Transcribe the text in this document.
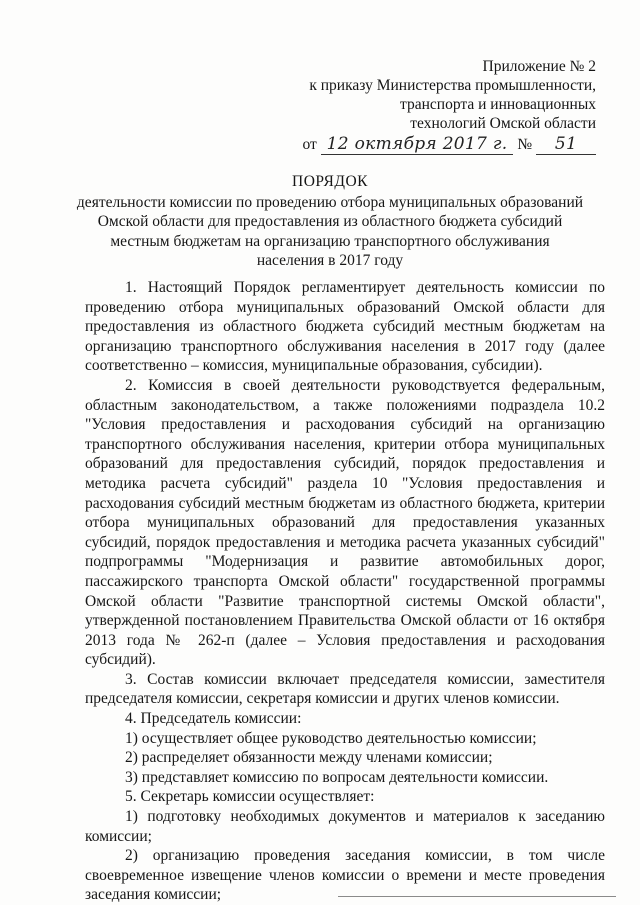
Приложение № 2
к приказу Министерства промышленности,
транспорта и инновационных
технологий Омской области
от 12 октября 2017 г. № 51
ПОРЯДОК
деятельности комиссии по проведению отбора муниципальных образований
Омской области для предоставления из областного бюджета субсидий
местным бюджетам на организацию транспортного обслуживания
населения в 2017 году

1. Настоящий Порядок регламентирует деятельность комиссии по проведению отбора муниципальных образований Омской области для предоставления из областного бюджета субсидий местным бюджетам на организацию транспортного обслуживания населения в 2017 году (далее соответственно – комиссия, муниципальные образования, субсидии).

2. Комиссия в своей деятельности руководствуется федеральным, областным законодательством, а также положениями подраздела 10.2 "Условия предоставления и расходования субсидий на организацию транспортного обслуживания населения, критерии отбора муниципальных образований для предоставления субсидий, порядок предоставления и методика расчета субсидий" раздела 10 "Условия предоставления и расходования субсидий местным бюджетам из областного бюджета, критерии отбора муниципальных образований для предоставления указанных субсидий, порядок предоставления и методика расчета указанных субсидий" подпрограммы "Модернизация и развитие автомобильных дорог, пассажирского транспорта Омской области" государственной программы Омской области "Развитие транспортной системы Омской области", утвержденной постановлением Правительства Омской области от 16 октября 2013 года № 262-п (далее – Условия предоставления и расходования субсидий).

3. Состав комиссии включает председателя комиссии, заместителя председателя комиссии, секретаря комиссии и других членов комиссии.

4. Председатель комиссии:

1) осуществляет общее руководство деятельностью комиссии;

2) распределяет обязанности между членами комиссии;

3) представляет комиссию по вопросам деятельности комиссии.

5. Секретарь комиссии осуществляет:

1) подготовку необходимых документов и материалов к заседанию комиссии;

2) организацию проведения заседания комиссии, в том числе своевременное извещение членов комиссии о времени и месте проведения заседания комиссии;
